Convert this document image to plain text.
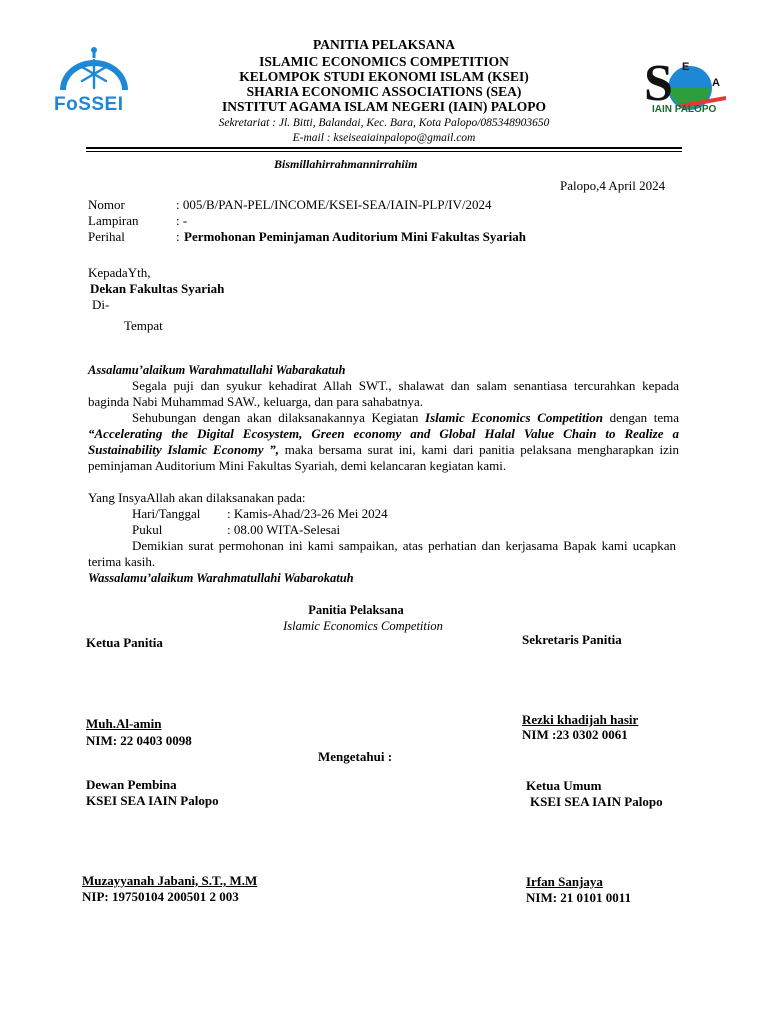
FoSSEI	S E
A
IAIN PALOPO
PANITIA PELAKSANA
ISLAMIC ECONOMICS COMPETITION
KELOMPOK STUDI EKONOMI ISLAM (KSEI)
SHARIA ECONOMIC ASSOCIATIONS (SEA)
INSTITUT AGAMA ISLAM NEGERI (IAIN) PALOPO
Sekretariat : Jl. Bitti, Balandai, Kec. Bara, Kota Palopo/085348903650
E-mail : kseiseaiainpalopo@gmail.com
Bismillahirrahmannirrahiim
Palopo,4 April 2024
Nomor	: 005/B/PAN-PEL/INCOME/KSEI-SEA/IAIN-PLP/IV/2024
Lampiran	: -
Perihal	: Permohonan Peminjaman Auditorium Mini Fakultas Syariah
KepadaYth,
Dekan Fakultas Syariah
Di-
Tempat
Assalamu’alaikum Warahmatullahi Wabarakatuh

Segala puji dan syukur kehadirat Allah SWT., shalawat dan salam senantiasa tercurahkan kepada baginda Nabi Muhammad SAW., keluarga, dan para sahabatnya.

Sehubungan dengan akan dilaksanakannya Kegiatan Islamic Economics Competition dengan tema “Accelerating the Digital Ecosystem, Green economy and Global Halal Value Chain to Realize a Sustainability Islamic Economy ”, maka bersama surat ini, kami dari panitia pelaksana mengharapkan izin peminjaman Auditorium Mini Fakultas Syariah, demi kelancaran kegiatan kami.

Yang InsyaAllah akan dilaksanakan pada:
Hari/Tanggal : Kamis-Ahad/23-26 Mei 2024
Pukul	: 08.00 WITA-Selesai

Demikian surat permohonan ini kami sampaikan, atas perhatian dan kerjasama Bapak kami ucapkan terima kasih.

Wassalamu’alaikum Warahmatullahi Wabarokatuh
Panitia Pelaksana
Islamic Economics Competition
Ketua Panitia	Sekretaris Panitia
Muh.Al-amin
NIM: 22 0403 0098
Rezki khadijah hasir
NIM :23 0302 0061
Mengetahui :
Dewan Pembina
KSEI SEA IAIN Palopo
Ketua Umum
KSEI SEA IAIN Palopo
Muzayyanah Jabani, S.T., M.M
NIP: 19750104 200501 2 003
Irfan Sanjaya
NIM: 21 0101 0011
